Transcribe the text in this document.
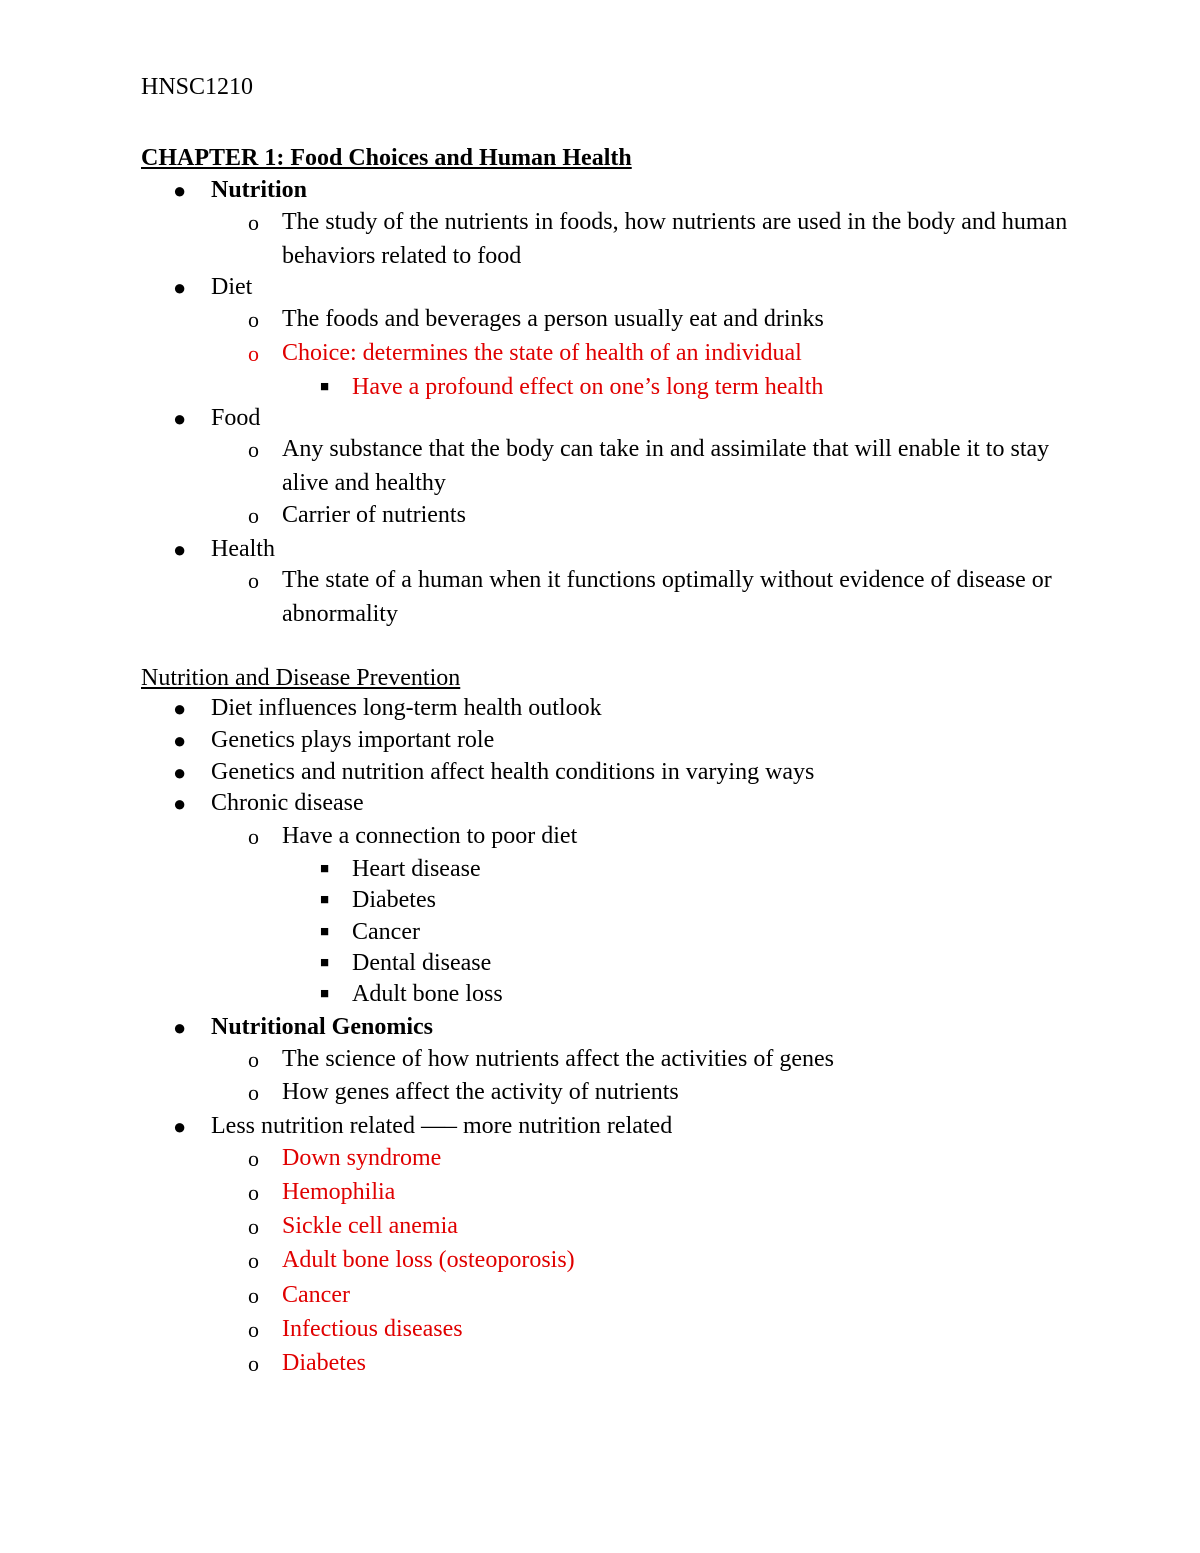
HNSC1210
CHAPTER 1: Food Choices and Human Health
● Nutrition
o The study of the nutrients in foods, how nutrients are used in the body and human behaviors related to food
● Diet
o The foods and beverages a person usually eat and drinks
o Choice: determines the state of health of an individual
■ Have a profound effect on one’s long term health
● Food
o Any substance that the body can take in and assimilate that will enable it to stay alive and healthy
o Carrier of nutrients
● Health
o The state of a human when it functions optimally without evidence of disease or abnormality
Nutrition and Disease Prevention
● Diet influences long-term health outlook
● Genetics plays important role
● Genetics and nutrition affect health conditions in varying ways
● Chronic disease
o Have a connection to poor diet
■ Heart disease
■ Diabetes
■ Cancer
■ Dental disease
■ Adult bone loss
● Nutritional Genomics
o The science of how nutrients affect the activities of genes
o How genes affect the activity of nutrients
● Less nutrition related —– more nutrition related
o Down syndrome
o Hemophilia
o Sickle cell anemia
o Adult bone loss (osteoporosis)
o Cancer
o Infectious diseases
o Diabetes
